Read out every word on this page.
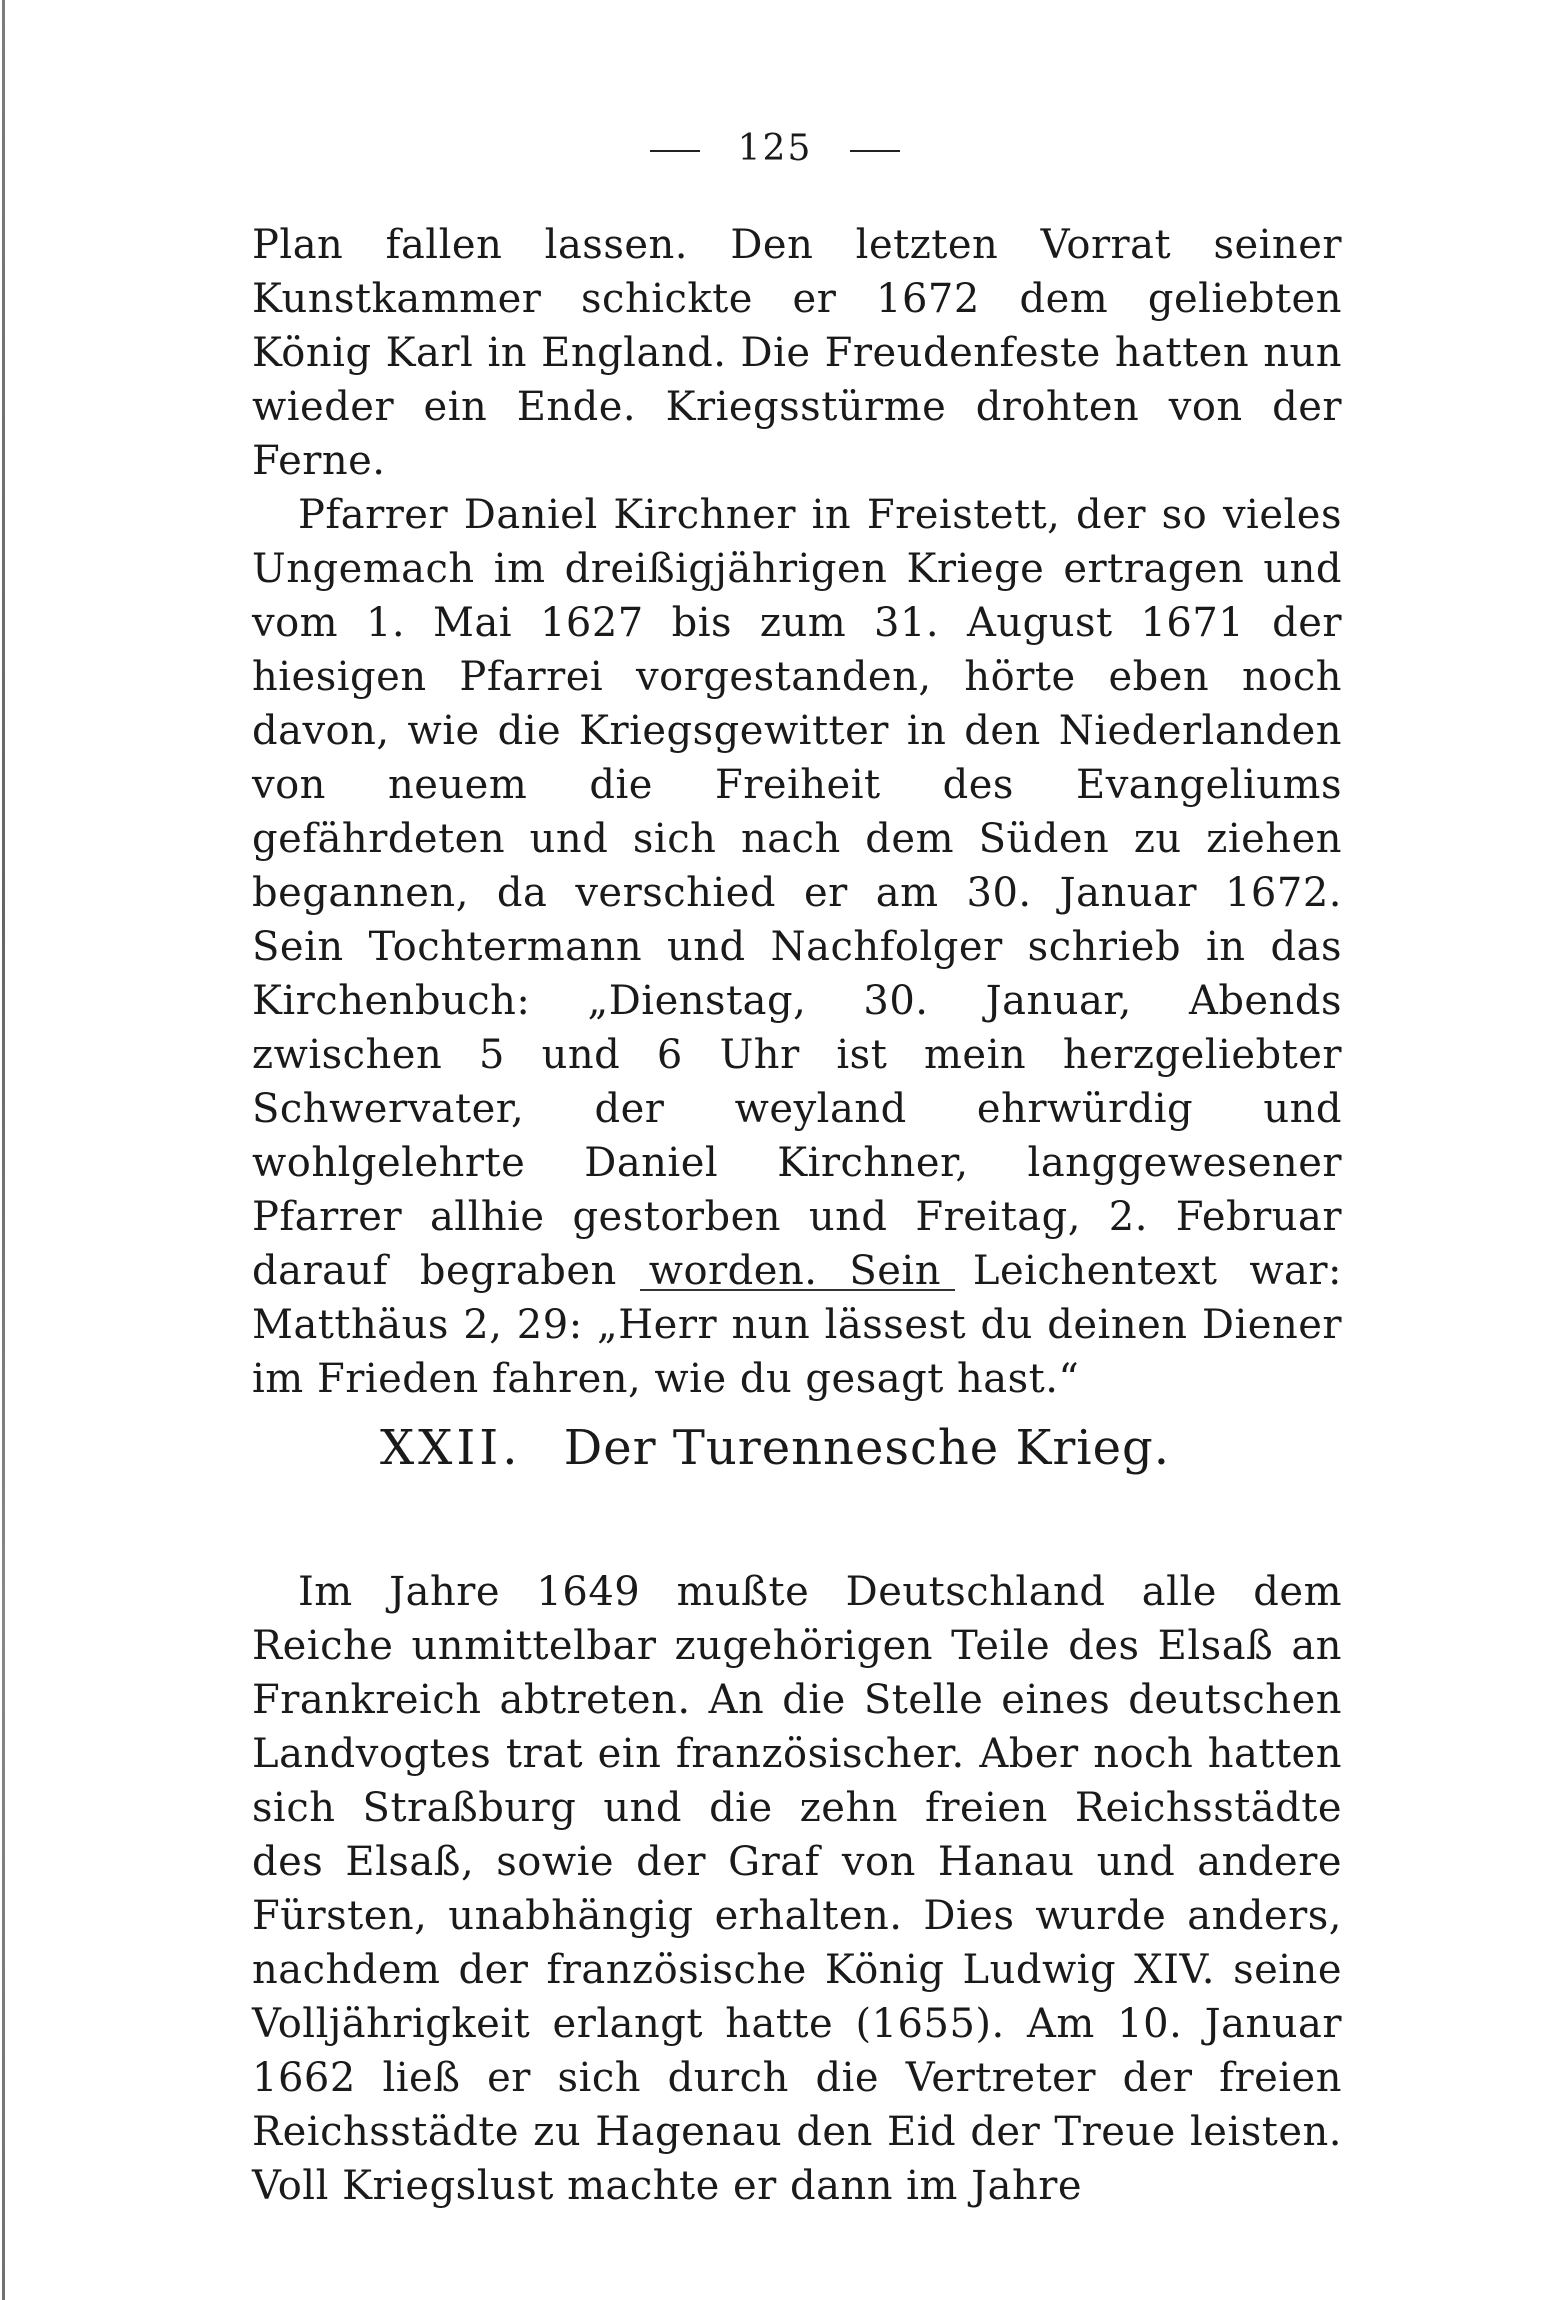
125

Plan fallen lassen. Den letzten Vorrat seiner Kunstkammer schickte er 1672 dem geliebten König Karl in England. Die Freudenfeste hatten nun wieder ein Ende. Kriegsstürme drohten von der Ferne.

Pfarrer Daniel Kirchner in Freistett, der so vieles Ungemach im dreißigjährigen Kriege ertragen und vom 1. Mai 1627 bis zum 31. August 1671 der hiesigen Pfarrei vorgestanden, hörte eben noch davon, wie die Kriegsgewitter in den Niederlanden von neuem die Freiheit des Evangeliums gefährdeten und sich nach dem Süden zu ziehen begannen, da verschied er am 30. Januar 1672. Sein Tochtermann und Nachfolger schrieb in das Kirchenbuch: „Dienstag, 30. Januar, Abends zwischen 5 und 6 Uhr ist mein herzgeliebter Schwervater, der weyland ehrwürdig und wohlgelehrte Daniel Kirchner, langgewesener Pfarrer allhie gestorben und Freitag, 2. Februar darauf begraben worden. Sein Leichentext war: Matthäus 2, 29: „Herr nun lässest du deinen Diener im Frieden fahren, wie du gesagt hast.“

XXII. Der Turennesche Krieg.

Im Jahre 1649 mußte Deutschland alle dem Reiche unmittelbar zugehörigen Teile des Elsaß an Frankreich abtreten. An die Stelle eines deutschen Landvogtes trat ein französischer. Aber noch hatten sich Straßburg und die zehn freien Reichsstädte des Elsaß, sowie der Graf von Hanau und andere Fürsten, unabhängig erhalten. Dies wurde anders, nachdem der französische König Ludwig XIV. seine Volljährigkeit erlangt hatte (1655). Am 10. Januar 1662 ließ er sich durch die Vertreter der freien Reichsstädte zu Hagenau den Eid der Treue leisten. Voll Kriegslust machte er dann im Jahre
